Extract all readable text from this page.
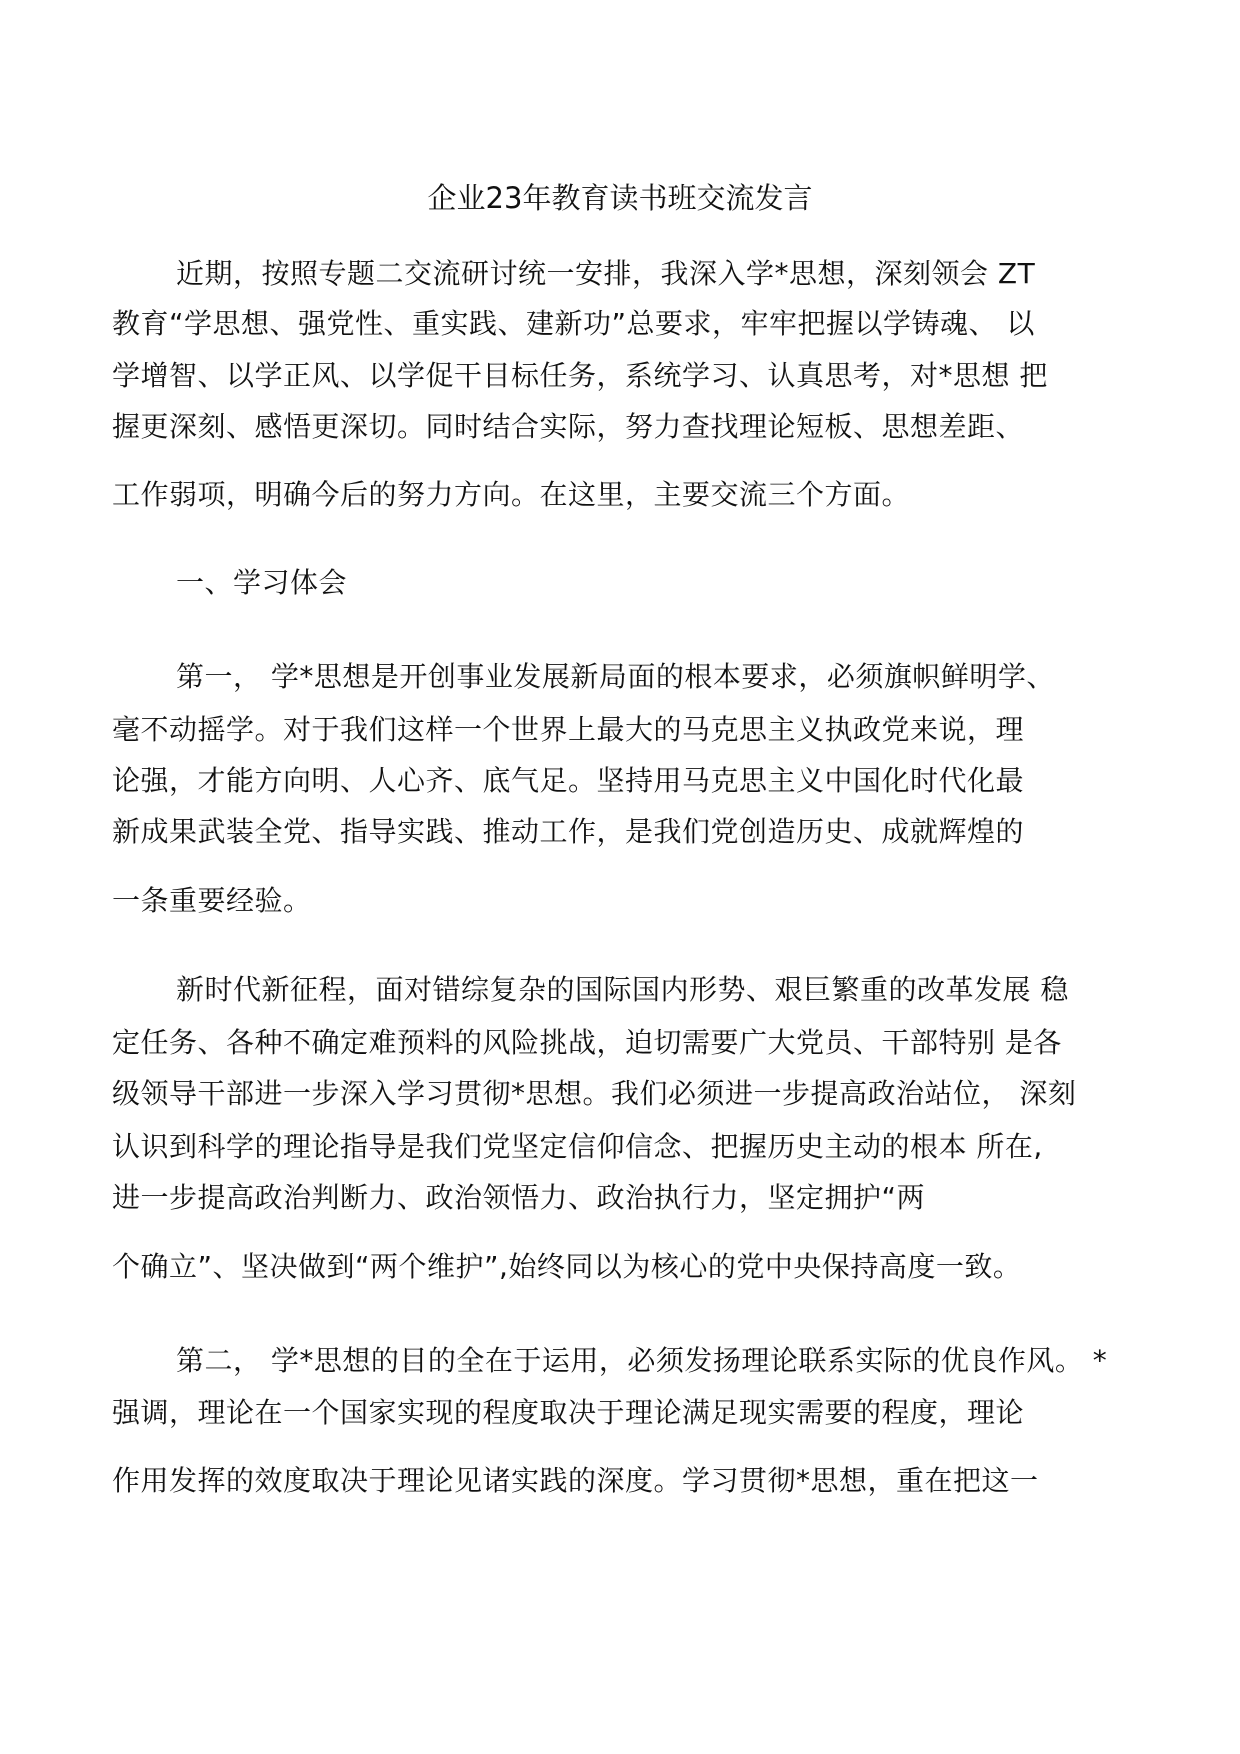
企业23年教育读书班交流发言
近期，按照专题二交流研讨统一安排，我深入学*思想，深刻领会 ZT
教育“学思想、强党性、重实践、建新功”总要求，牢牢把握以学铸魂、 以
学增智、以学正风、以学促干目标任务，系统学习、认真思考，对*思想 把
握更深刻、感悟更深切。同时结合实际，努力查找理论短板、思想差距、
工作弱项，明确今后的努力方向。在这里，主要交流三个方面。
一、学习体会
第一， 学*思想是开创事业发展新局面的根本要求，必须旗帜鲜明学、
毫不动摇学。对于我们这样一个世界上最大的马克思主义执政党来说，理
论强，才能方向明、人心齐、底气足。坚持用马克思主义中国化时代化最
新成果武装全党、指导实践、推动工作，是我们党创造历史、成就辉煌的
一条重要经验。
新时代新征程，面对错综复杂的国际国内形势、艰巨繁重的改革发展 稳
定任务、各种不确定难预料的风险挑战，迫切需要广大党员、干部特别 是各
级领导干部进一步深入学习贯彻*思想。我们必须进一步提高政治站位， 深刻
认识到科学的理论指导是我们党坚定信仰信念、把握历史主动的根本 所在,
进一步提高政治判断力、政治领悟力、政治执行力，坚定拥护“两
个确立”、坚决做到“两个维护”,始终同以为核心的党中央保持高度一致。
第二， 学*思想的目的全在于运用，必须发扬理论联系实际的优良作风。 *
强调，理论在一个国家实现的程度取决于理论满足现实需要的程度，理论
作用发挥的效度取决于理论见诸实践的深度。学习贯彻*思想，重在把这一
